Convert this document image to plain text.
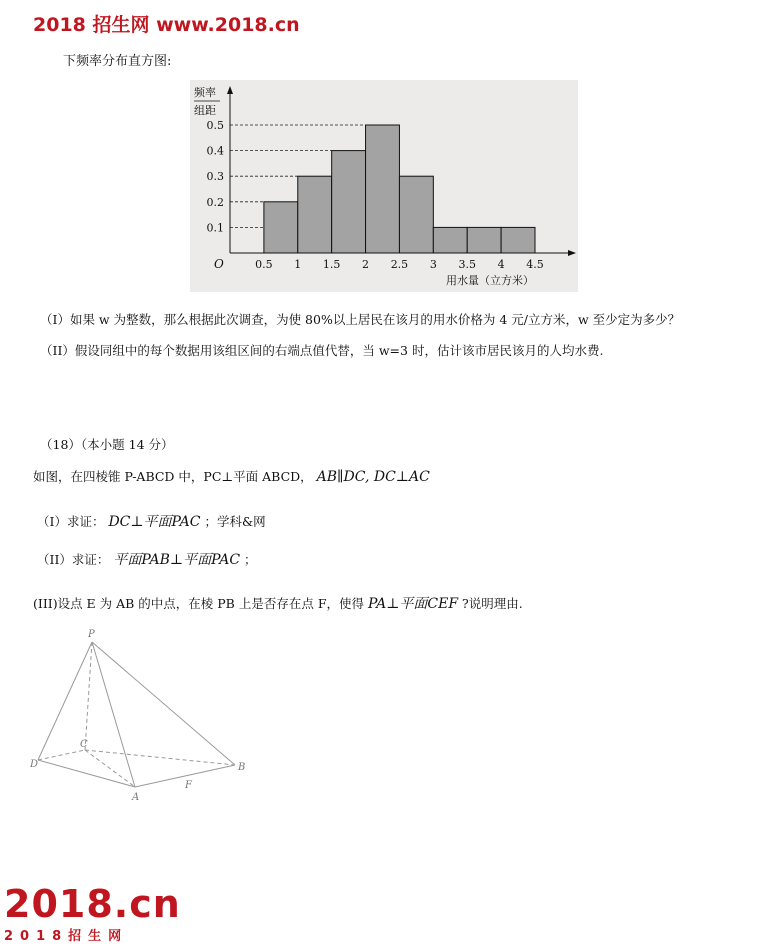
2018 招生网 www.2018.cn
下频率分布直方图:
0.1
0.2
0.3
0.4
0.5
0.5 1 1.5 2 2.5 3 3.5 4 4.5
O
频率
组距
用水量（立方米）
（I）如果 w 为整数，那么根据此次调查，为使 80%以上居民在该月的用水价格为 4 元/立方米，w 至少定为多少？
（II）假设同组中的每个数据用该组区间的右端点值代替，当 w=3 时，估计该市居民该月的人均水费.
（18）（本小题 14 分）
如图，在四棱锥 P-ABCD 中，PC⊥平面 ABCD， AB∥DC, DC⊥AC
（I）求证： DC⊥平面PAC ；学科&网
（II）求证： 平面PAB⊥平面PAC ；
(III)设点 E 为 AB 的中点，在棱 PB 上是否存在点 F，使得 PA⊥平面CEF ?说明理由.
P
D
C
A
B
F
2018.cn
2018招生网
